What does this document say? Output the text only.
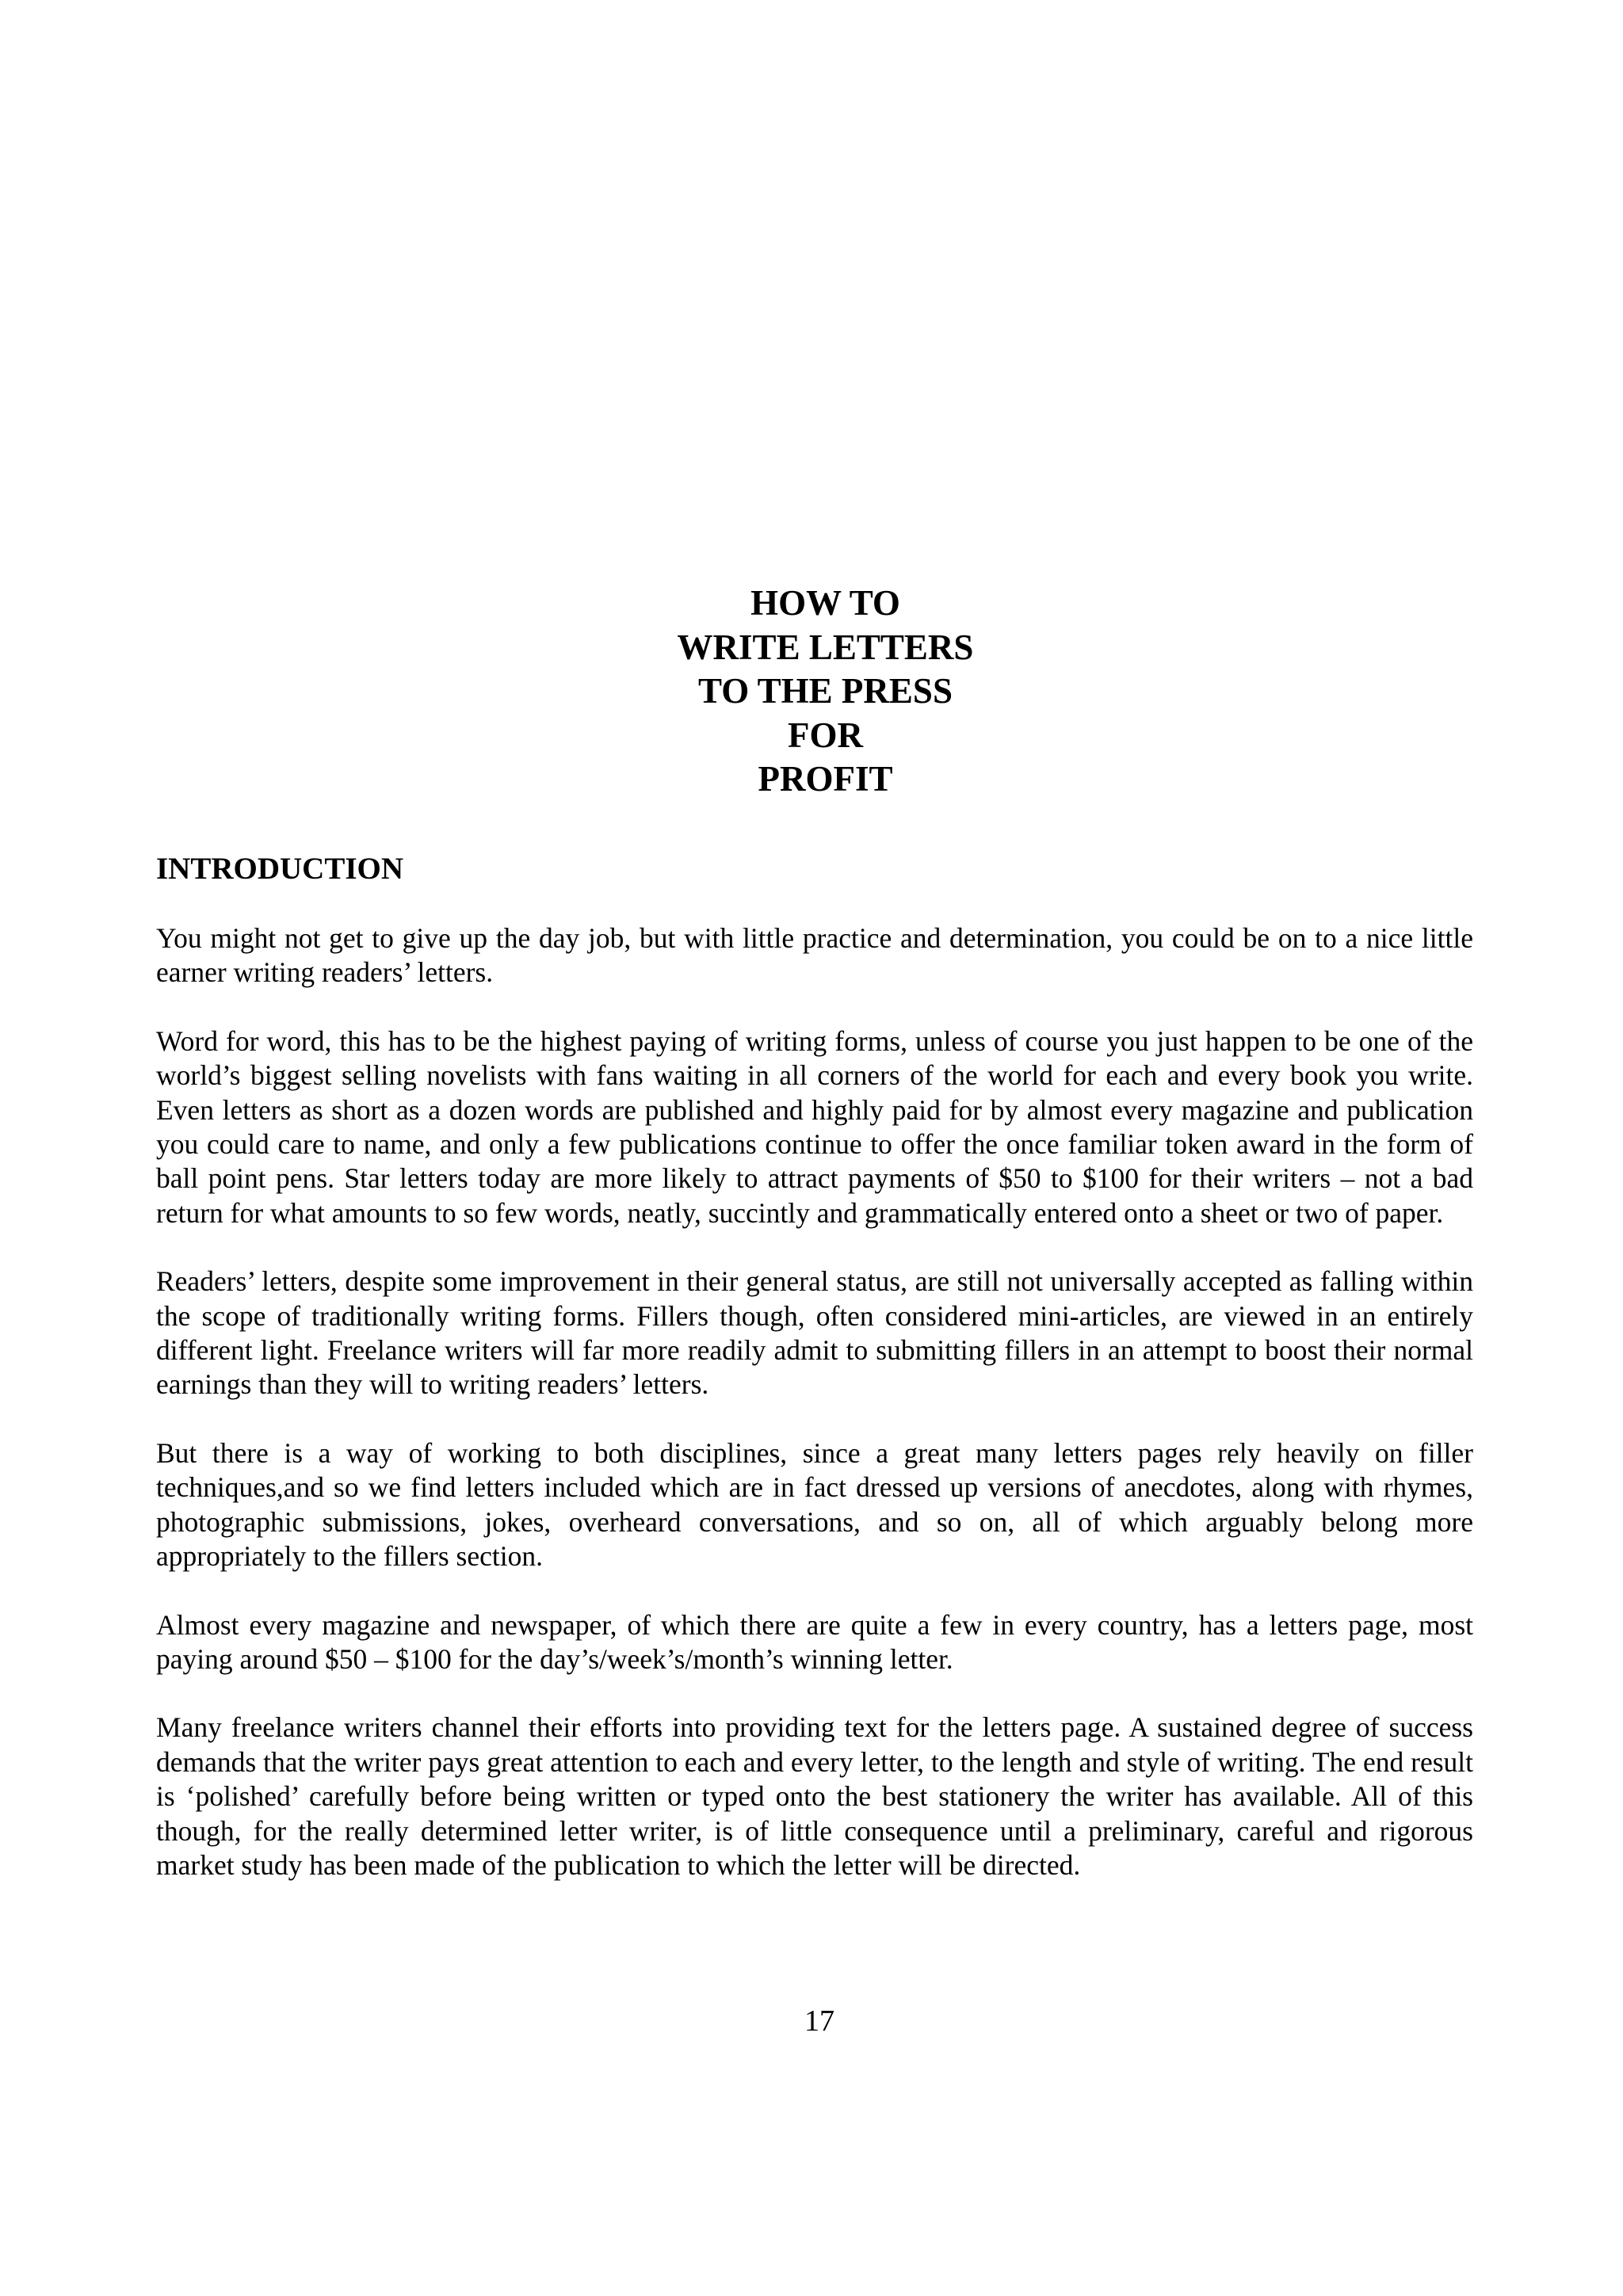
HOW TO
WRITE LETTERS
TO THE PRESS
FOR
PROFIT
INTRODUCTION

You might not get to give up the day job, but with little practice and determination, you could be on to a nice little earner writing readers’ letters.

Word for word, this has to be the highest paying of writing forms, unless of course you just happen to be one of the world’s biggest selling novelists with fans waiting in all corners of the world for each and every book you write. Even letters as short as a dozen words are published and highly paid for by almost every magazine and publication you could care to name, and only a few publications continue to offer the once familiar token award in the form of ball point pens. Star letters today are more likely to attract payments of $50 to $100 for their writers – not a bad return for what amounts to so few words, neatly, succintly and grammatically entered onto a sheet or two of paper.

Readers’ letters, despite some improvement in their general status, are still not universally accepted as falling within the scope of traditionally writing forms. Fillers though, often considered mini-articles, are viewed in an entirely different light. Freelance writers will far more readily admit to submitting fillers in an attempt to boost their normal earnings than they will to writing readers’ letters.

But there is a way of working to both disciplines, since a great many letters pages rely heavily on filler techniques,and so we find letters included which are in fact dressed up versions of anecdotes, along with rhymes, photographic submissions, jokes, overheard conversations, and so on, all of which arguably belong more appropriately to the fillers section.

Almost every magazine and newspaper, of which there are quite a few in every country, has a letters page, most paying around $50 – $100 for the day’s/week’s/month’s winning letter.

Many freelance writers channel their efforts into providing text for the letters page. A sustained degree of success demands that the writer pays great attention to each and every letter, to the length and style of writing. The end result is ‘polished’ carefully before being written or typed onto the best stationery the writer has available. All of this though, for the really determined letter writer, is of little consequence until a preliminary, careful and rigorous market study has been made of the publication to which the letter will be directed.

17
